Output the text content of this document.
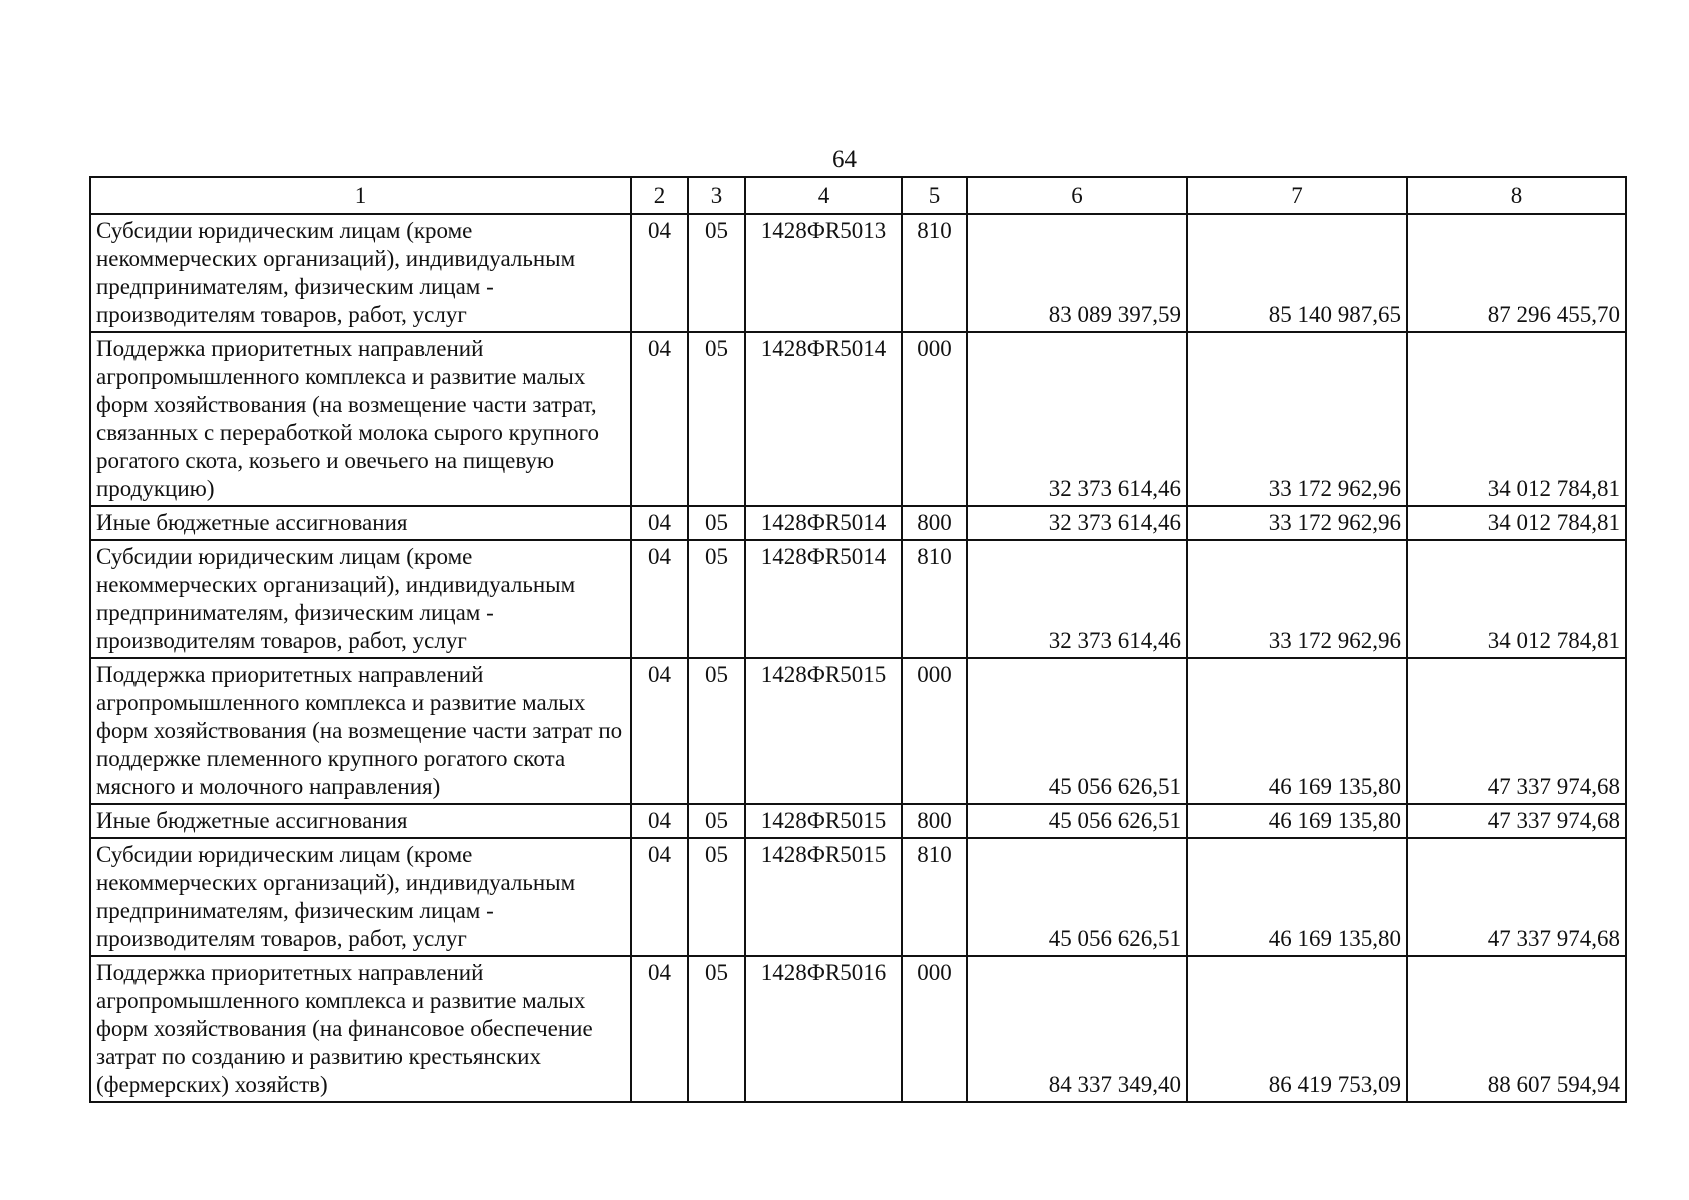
64
1	2	3	4	5	6	7	8
Субсидии юридическим лицам (кроме некоммерческих организаций), индивидуальным предпринимателям, физическим лицам - производителям товаров, работ, услуг	04	05	1428ФR5013	810	83 089 397,59	85 140 987,65	87 296 455,70
Поддержка приоритетных направлений агропромышленного комплекса и развитие малых форм хозяйствования (на возмещение части затрат, связанных с переработкой молока сырого крупного рогатого скота, козьего и овечьего на пищевую продукцию)	04	05	1428ФR5014	000	32 373 614,46	33 172 962,96	34 012 784,81
Иные бюджетные ассигнования	04	05	1428ФR5014	800	32 373 614,46	33 172 962,96	34 012 784,81
Субсидии юридическим лицам (кроме некоммерческих организаций), индивидуальным предпринимателям, физическим лицам - производителям товаров, работ, услуг	04	05	1428ФR5014	810	32 373 614,46	33 172 962,96	34 012 784,81
Поддержка приоритетных направлений агропромышленного комплекса и развитие малых форм хозяйствования (на возмещение части затрат по поддержке племенного крупного рогатого скота мясного и молочного направления)	04	05	1428ФR5015	000	45 056 626,51	46 169 135,80	47 337 974,68
Иные бюджетные ассигнования	04	05	1428ФR5015	800	45 056 626,51	46 169 135,80	47 337 974,68
Субсидии юридическим лицам (кроме некоммерческих организаций), индивидуальным предпринимателям, физическим лицам - производителям товаров, работ, услуг	04	05	1428ФR5015	810	45 056 626,51	46 169 135,80	47 337 974,68
Поддержка приоритетных направлений агропромышленного комплекса и развитие малых форм хозяйствования (на финансовое обеспечение затрат по созданию и развитию крестьянских (фермерских) хозяйств)	04	05	1428ФR5016	000	84 337 349,40	86 419 753,09	88 607 594,94
